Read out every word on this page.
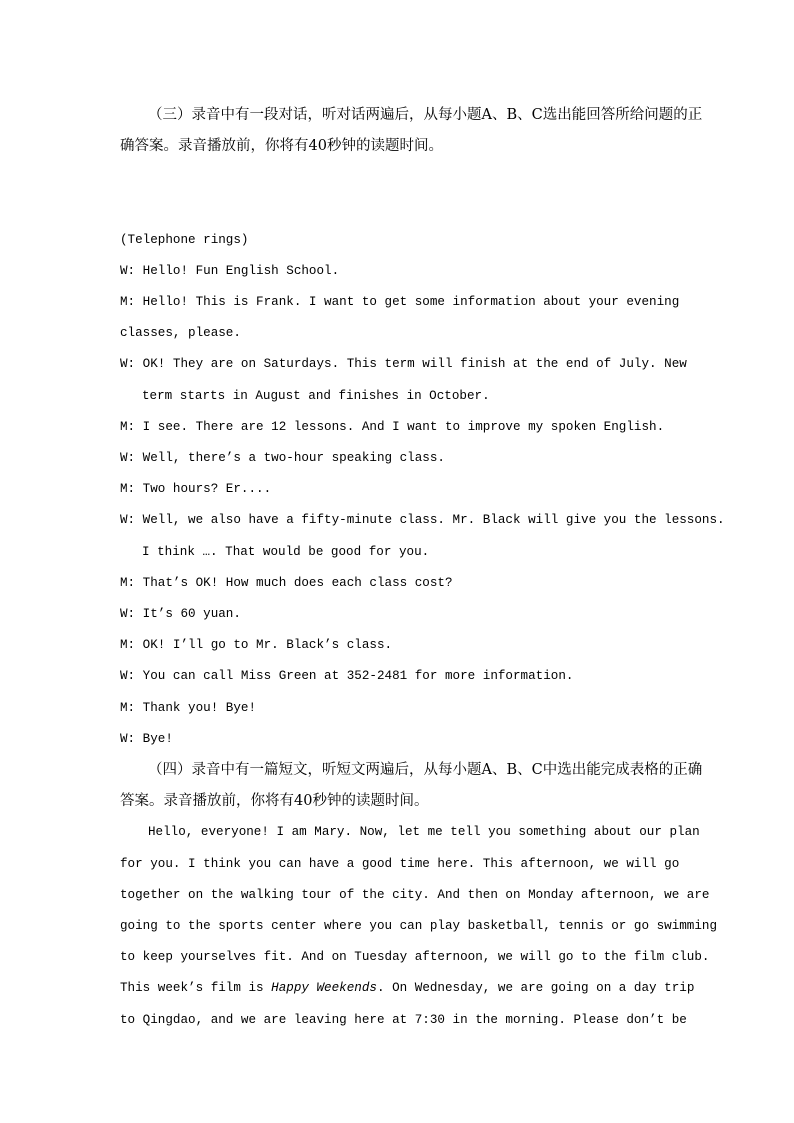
（三）录音中有一段对话，听对话两遍后，从每小题A、B、C选出能回答所给问题的正
确答案。录音播放前，你将有40秒钟的读题时间。
(Telephone rings)
W: Hello! Fun English School.
M: Hello! This is Frank. I want to get some information about your evening
classes, please.
W: OK! They are on Saturdays. This term will finish at the end of July. New
term starts in August and finishes in October.
M: I see. There are 12 lessons. And I want to improve my spoken English.
W: Well, there’s a two-hour speaking class.
M: Two hours? Er....
W: Well, we also have a fifty-minute class. Mr. Black will give you the lessons.
I think …. That would be good for you.
M: That’s OK! How much does each class cost?
W: It’s 60 yuan.
M: OK! I’ll go to Mr. Black’s class.
W: You can call Miss Green at 352-2481 for more information.
M: Thank you! Bye!
W: Bye!
（四）录音中有一篇短文，听短文两遍后，从每小题A、B、C中选出能完成表格的正确
答案。录音播放前，你将有40秒钟的读题时间。
Hello, everyone! I am Mary. Now, let me tell you something about our plan
for you. I think you can have a good time here. This afternoon, we will go
together on the walking tour of the city. And then on Monday afternoon, we are
going to the sports center where you can play basketball, tennis or go swimming
to keep yourselves fit. And on Tuesday afternoon, we will go to the film club.
This week’s film is Happy Weekends. On Wednesday, we are going on a day trip
to Qingdao, and we are leaving here at 7:30 in the morning. Please don’t be
